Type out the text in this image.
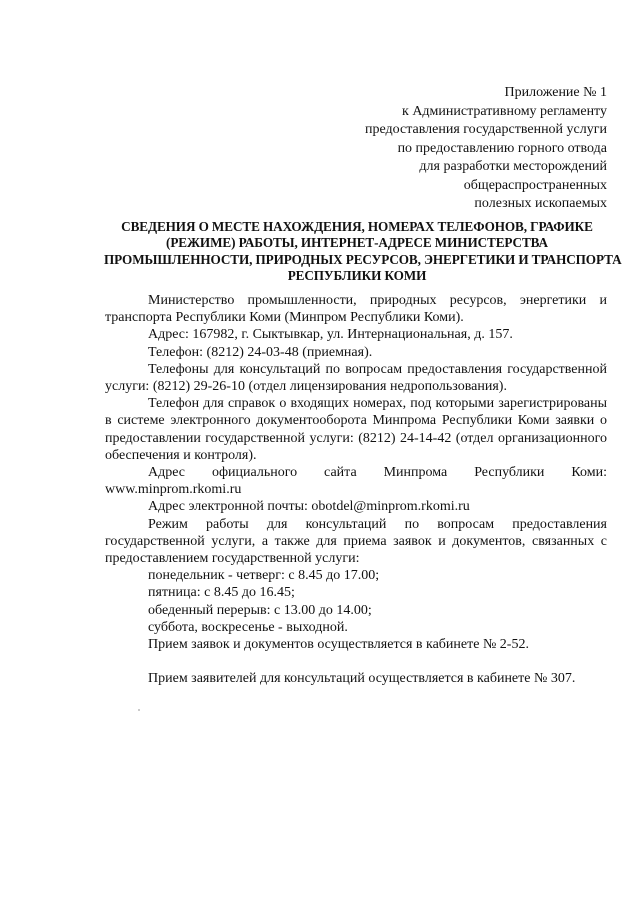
Приложение № 1
к Административному регламенту
предоставления государственной услуги
по предоставлению горного отвода
для разработки месторождений
общераспространенных
полезных ископаемых
СВЕДЕНИЯ О МЕСТЕ НАХОЖДЕНИЯ, НОМЕРАХ ТЕЛЕФОНОВ, ГРАФИКЕ
(РЕЖИМЕ) РАБОТЫ, ИНТЕРНЕТ-АДРЕСЕ МИНИСТЕРСТВА
ПРОМЫШЛЕННОСТИ, ПРИРОДНЫХ РЕСУРСОВ, ЭНЕРГЕТИКИ И ТРАНСПОРТА
РЕСПУБЛИКИ КОМИ

Министерство промышленности, природных ресурсов, энергетики и транспорта Республики Коми (Минпром Республики Коми).

Адрес: 167982, г. Сыктывкар, ул. Интернациональная, д. 157.

Телефон: (8212) 24-03-48 (приемная).

Телефоны для консультаций по вопросам предоставления государственной услуги: (8212) 29-26-10 (отдел лицензирования недропользования).

Телефон для справок о входящих номерах, под которыми зарегистрированы в системе электронного документооборота Минпрома Республики Коми заявки о предоставлении государственной услуги: (8212) 24-14-42 (отдел организационного обеспечения и контроля).

Адрес официального сайта Минпрома Республики Коми: www.minprom.rkomi.ru

Адрес электронной почты: obotdel@minprom.rkomi.ru

Режим работы для консультаций по вопросам предоставления государственной услуги, а также для приема заявок и документов, связанных с предоставлением государственной услуги:

понедельник - четверг: с 8.45 до 17.00;

пятница: с 8.45 до 16.45;

обеденный перерыв: с 13.00 до 14.00;

суббота, воскресенье - выходной.

Прием заявок и документов осуществляется в кабинете № 2-52.

Прием заявителей для консультаций осуществляется в кабинете № 307.
